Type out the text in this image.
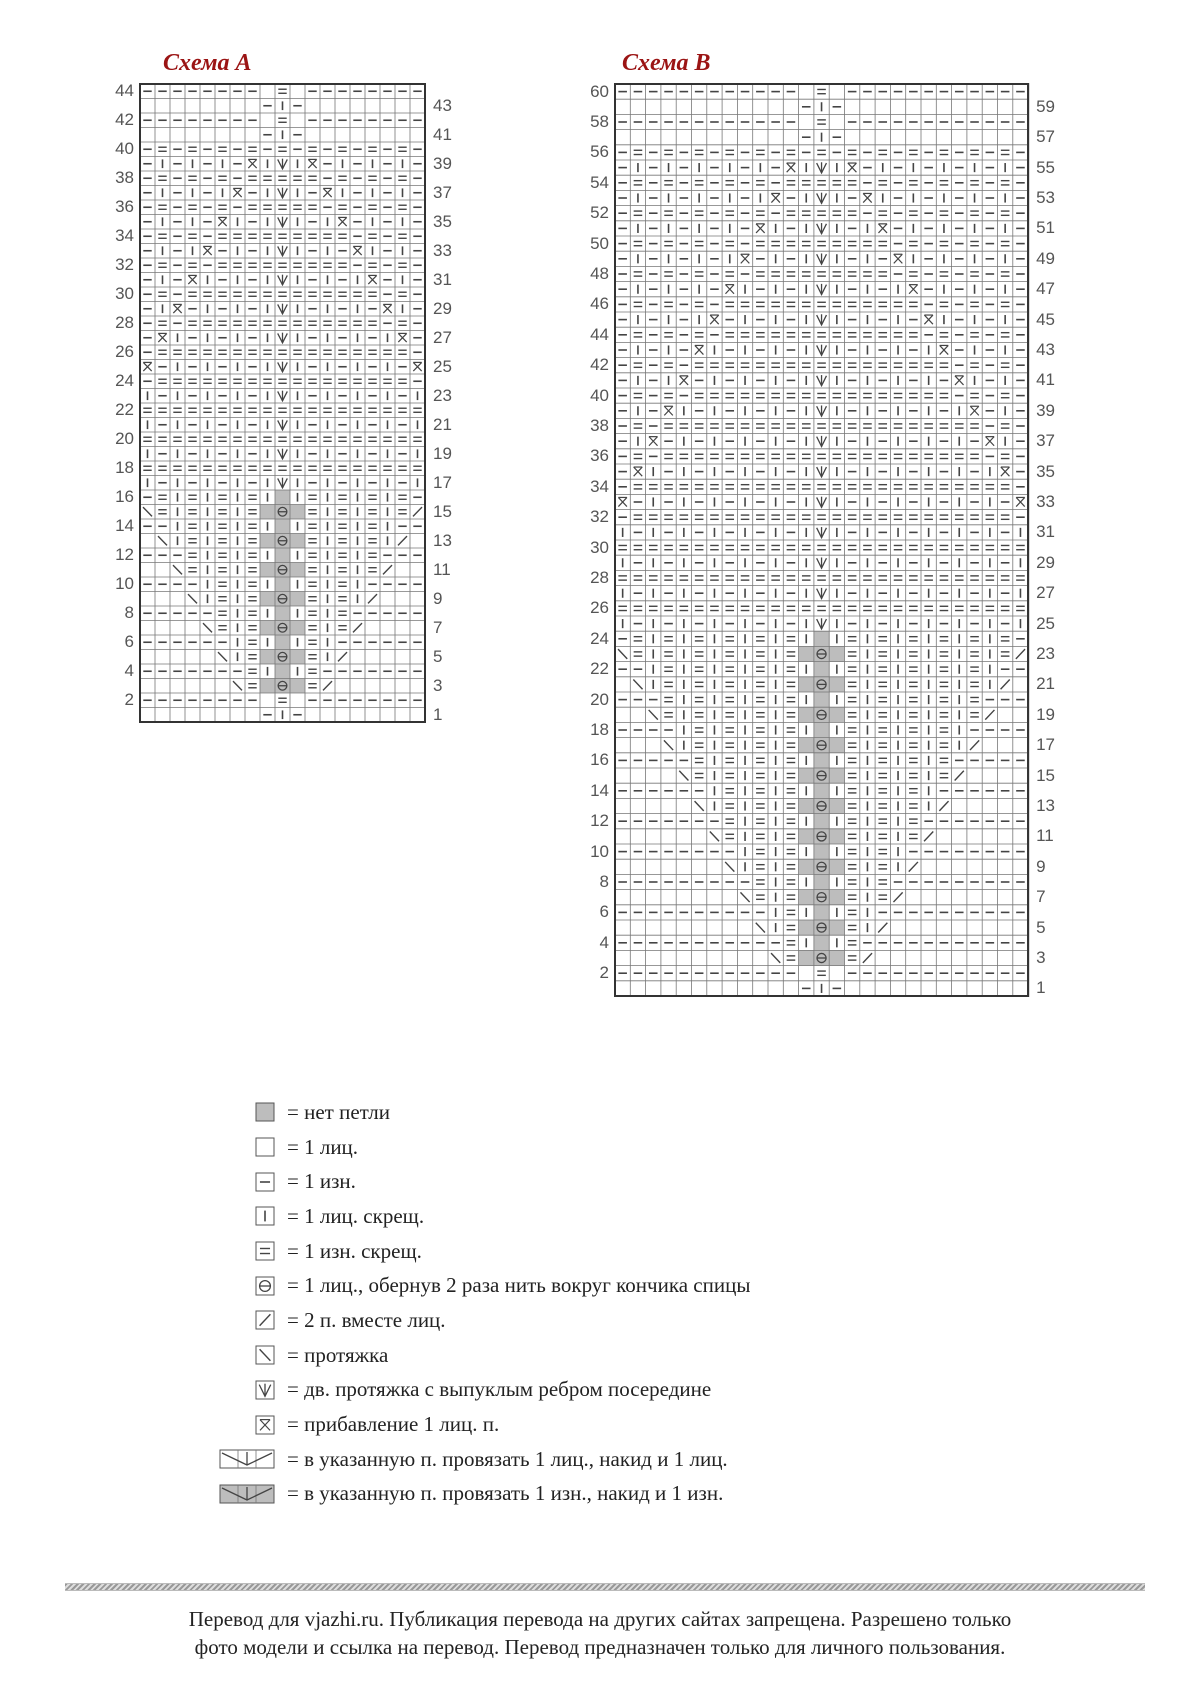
Схема А	Схема В
44
42
40
38
36
34
32
30
28
26
24
22
20
18
16
14
12
10
8
6
4
2
43
41
39
37
35
33
31
29
27
25
23
21
19
17
15
13
11
9
7
5
3
1
60
58
56
54
52
50
48
46
44
42
40
38
36
34
32
30
28
26
24
22
20
18
16
14
12
10
8
6
4
2
59
57
55
53
51
49
47
45
43
41
39
37
35
33
31
29
27
25
23
21
19
17
15
13
11
9
7
5
3
1
= нет петли
= 1 лиц.
= 1 изн.
= 1 лиц. скрещ.
= 1 изн. скрещ.
= 1 лиц., обернув 2 раза нить вокруг кончика спицы
= 2 п. вместе лиц.
= протяжка
= дв. протяжка с выпуклым ребром посередине
= прибавление 1 лиц. п.
= в указанную п. провязать 1 лиц., накид и 1 лиц.
= в указанную п. провязать 1 изн., накид и 1 изн.
Перевод для vjazhi.ru. Публикация перевода на других сайтах запрещена. Разрешено только
фото модели и ссылка на перевод. Перевод предназначен только для личного пользования.
